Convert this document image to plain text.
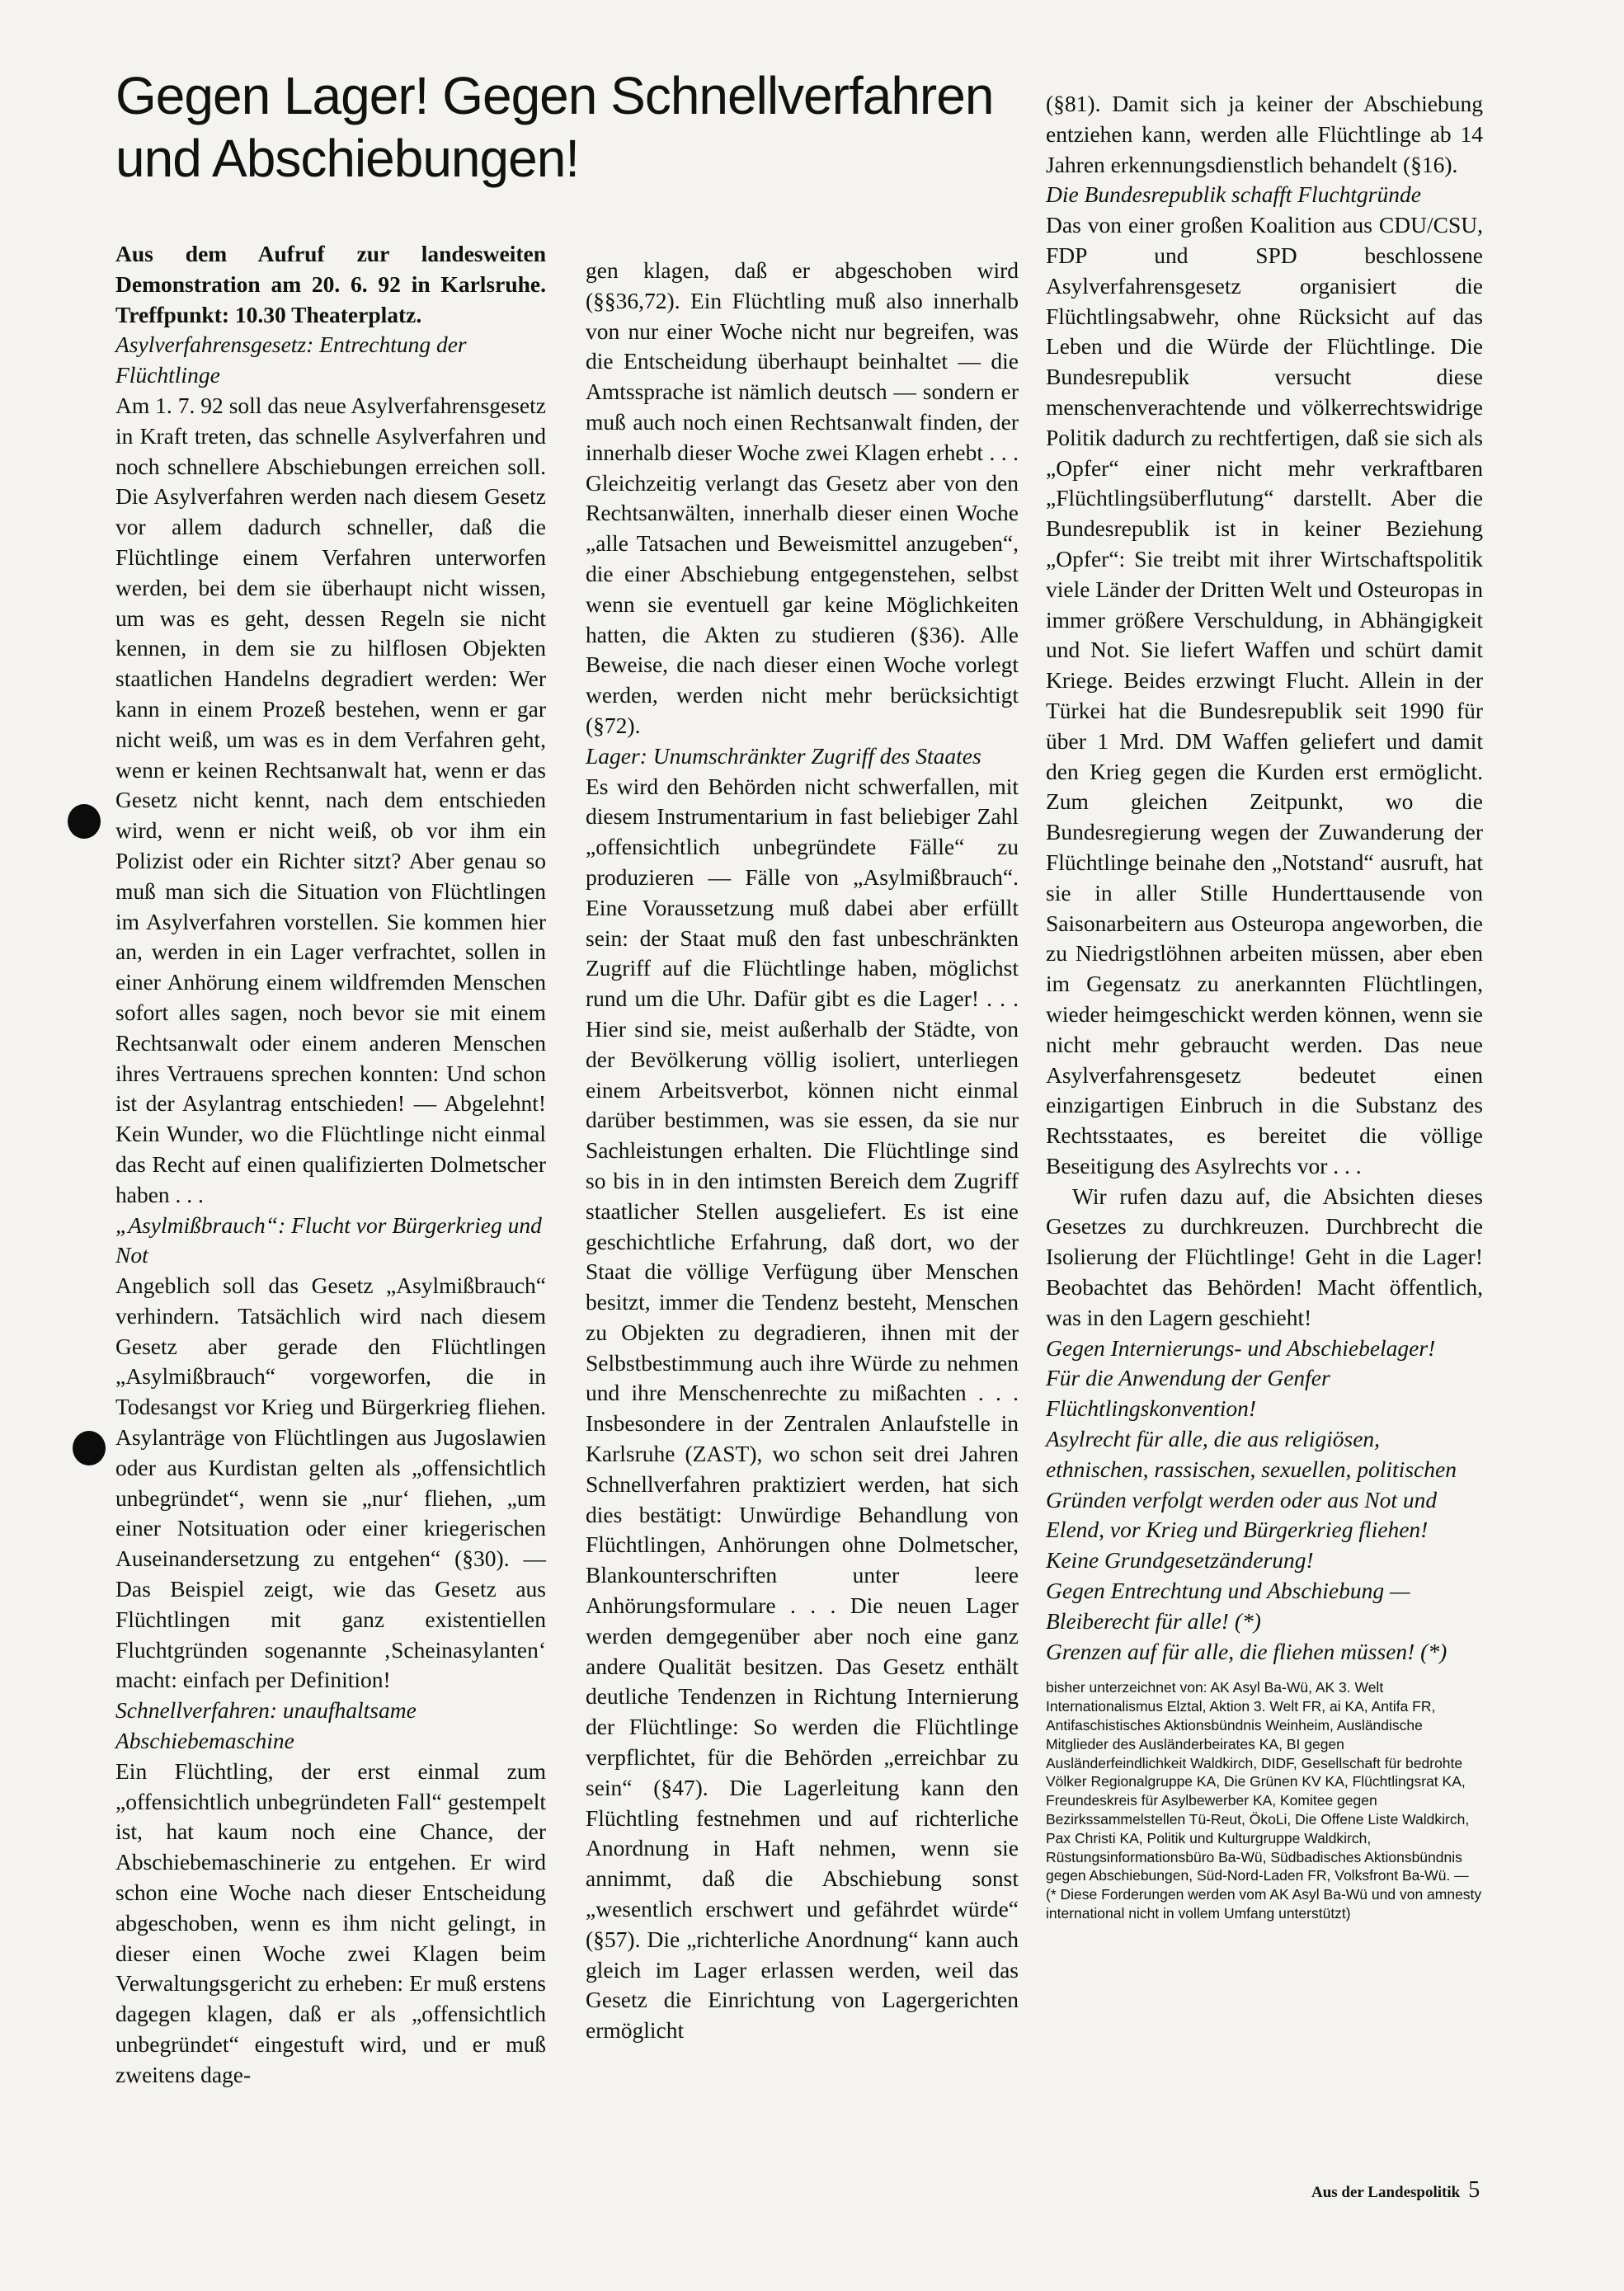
Gegen Lager! Gegen Schnellverfahren und Abschiebungen!

Aus dem Aufruf zur landesweiten Demonstration am 20. 6. 92 in Karlsruhe. Treffpunkt: 10.30 Theaterplatz.

Asylverfahrensgesetz: Entrechtung der Flüchtlinge

Am 1. 7. 92 soll das neue Asylverfahrensgesetz in Kraft treten, das schnelle Asylverfahren und noch schnellere Abschiebungen erreichen soll. Die Asylverfahren werden nach diesem Gesetz vor allem dadurch schneller, daß die Flüchtlinge einem Verfahren unterworfen werden, bei dem sie überhaupt nicht wissen, um was es geht, dessen Regeln sie nicht kennen, in dem sie zu hilflosen Objekten staatlichen Handelns degradiert werden: Wer kann in einem Prozeß bestehen, wenn er gar nicht weiß, um was es in dem Verfahren geht, wenn er keinen Rechtsanwalt hat, wenn er das Gesetz nicht kennt, nach dem entschieden wird, wenn er nicht weiß, ob vor ihm ein Polizist oder ein Richter sitzt? Aber genau so muß man sich die Situation von Flüchtlingen im Asylverfahren vorstellen. Sie kommen hier an, werden in ein Lager verfrachtet, sollen in einer Anhörung einem wildfremden Menschen sofort alles sagen, noch bevor sie mit einem Rechtsanwalt oder einem anderen Menschen ihres Vertrauens sprechen konnten: Und schon ist der Asylantrag entschieden! — Abgelehnt! Kein Wunder, wo die Flüchtlinge nicht einmal das Recht auf einen qualifizierten Dolmetscher haben . . .

„Asylmißbrauch“: Flucht vor Bürgerkrieg und Not

Angeblich soll das Gesetz „Asylmißbrauch“ verhindern. Tatsächlich wird nach diesem Gesetz aber gerade den Flüchtlingen „Asylmißbrauch“ vorgeworfen, die in Todesangst vor Krieg und Bürgerkrieg fliehen. Asylanträge von Flüchtlingen aus Jugoslawien oder aus Kurdistan gelten als „offensichtlich unbegründet“, wenn sie „nur‘ fliehen, „um einer Notsituation oder einer kriegerischen Auseinandersetzung zu entgehen“ (§30). — Das Beispiel zeigt, wie das Gesetz aus Flüchtlingen mit ganz existentiellen Fluchtgründen sogenannte ‚Scheinasylanten‘ macht: einfach per Definition!

Schnellverfahren: unaufhaltsame Abschiebemaschine

Ein Flüchtling, der erst einmal zum „offensichtlich unbegründeten Fall“ gestempelt ist, hat kaum noch eine Chance, der Abschiebemaschinerie zu entgehen. Er wird schon eine Woche nach dieser Entscheidung abgeschoben, wenn es ihm nicht gelingt, in dieser einen Woche zwei Klagen beim Verwaltungsgericht zu erheben: Er muß erstens dagegen klagen, daß er als „offensichtlich unbegründet“ eingestuft wird, und er muß zweitens dage-

gen klagen, daß er abgeschoben wird (§§36,72). Ein Flüchtling muß also innerhalb von nur einer Woche nicht nur begreifen, was die Entscheidung überhaupt beinhaltet — die Amtssprache ist nämlich deutsch — sondern er muß auch noch einen Rechtsanwalt finden, der innerhalb dieser Woche zwei Klagen erhebt . . . Gleichzeitig verlangt das Gesetz aber von den Rechtsanwälten, innerhalb dieser einen Woche „alle Tatsachen und Beweismittel anzugeben“, die einer Abschiebung entgegenstehen, selbst wenn sie eventuell gar keine Möglichkeiten hatten, die Akten zu studieren (§36). Alle Beweise, die nach dieser einen Woche vorlegt werden, werden nicht mehr berücksichtigt (§72).

Lager: Unumschränkter Zugriff des Staates

Es wird den Behörden nicht schwerfallen, mit diesem Instrumentarium in fast beliebiger Zahl „offensichtlich unbegründete Fälle“ zu produzieren — Fälle von „Asylmißbrauch“. Eine Voraussetzung muß dabei aber erfüllt sein: der Staat muß den fast unbeschränkten Zugriff auf die Flüchtlinge haben, möglichst rund um die Uhr. Dafür gibt es die Lager! . . . Hier sind sie, meist außerhalb der Städte, von der Bevölkerung völlig isoliert, unterliegen einem Arbeitsverbot, können nicht einmal darüber bestimmen, was sie essen, da sie nur Sachleistungen erhalten. Die Flüchtlinge sind so bis in in den intimsten Bereich dem Zugriff staatlicher Stellen ausgeliefert. Es ist eine geschichtliche Erfahrung, daß dort, wo der Staat die völlige Verfügung über Menschen besitzt, immer die Tendenz besteht, Menschen zu Objekten zu degradieren, ihnen mit der Selbstbestimmung auch ihre Würde zu nehmen und ihre Menschenrechte zu mißachten . . . Insbesondere in der Zentralen Anlaufstelle in Karlsruhe (ZAST), wo schon seit drei Jahren Schnellverfahren praktiziert werden, hat sich dies bestätigt: Unwürdige Behandlung von Flüchtlingen, Anhörungen ohne Dolmetscher, Blankounterschriften unter leere Anhörungsformulare . . . Die neuen Lager werden demgegenüber aber noch eine ganz andere Qualität besitzen. Das Gesetz enthält deutliche Tendenzen in Richtung Internierung der Flüchtlinge: So werden die Flüchtlinge verpflichtet, für die Behörden „erreichbar zu sein“ (§47). Die Lagerleitung kann den Flüchtling festnehmen und auf richterliche Anordnung in Haft nehmen, wenn sie annimmt, daß die Abschiebung sonst „wesentlich erschwert und gefährdet würde“ (§57). Die „richterliche Anordnung“ kann auch gleich im Lager erlassen werden, weil das Gesetz die Einrichtung von Lagergerichten ermöglicht

(§81). Damit sich ja keiner der Abschiebung entziehen kann, werden alle Flüchtlinge ab 14 Jahren erkennungsdienstlich behandelt (§16).

Die Bundesrepublik schafft Fluchtgründe

Das von einer großen Koalition aus CDU/CSU, FDP und SPD beschlossene Asylverfahrensgesetz organisiert die Flüchtlingsabwehr, ohne Rücksicht auf das Leben und die Würde der Flüchtlinge. Die Bundesrepublik versucht diese menschenverachtende und völkerrechtswidrige Politik dadurch zu rechtfertigen, daß sie sich als „Opfer“ einer nicht mehr verkraftbaren „Flüchtlingsüberflutung“ darstellt. Aber die Bundesrepublik ist in keiner Beziehung „Opfer“: Sie treibt mit ihrer Wirtschaftspolitik viele Länder der Dritten Welt und Osteuropas in immer größere Verschuldung, in Abhängigkeit und Not. Sie liefert Waffen und schürt damit Kriege. Beides erzwingt Flucht. Allein in der Türkei hat die Bundesrepublik seit 1990 für über 1 Mrd. DM Waffen geliefert und damit den Krieg gegen die Kurden erst ermöglicht. Zum gleichen Zeitpunkt, wo die Bundesregierung wegen der Zuwanderung der Flüchtlinge beinahe den „Notstand“ ausruft, hat sie in aller Stille Hunderttausende von Saisonarbeitern aus Osteuropa angeworben, die zu Niedrigstlöhnen arbeiten müssen, aber eben im Gegensatz zu anerkannten Flüchtlingen, wieder heimgeschickt werden können, wenn sie nicht mehr gebraucht werden. Das neue Asylverfahrensgesetz bedeutet einen einzigartigen Einbruch in die Substanz des Rechtsstaates, es bereitet die völlige Beseitigung des Asylrechts vor . . .

Wir rufen dazu auf, die Absichten dieses Gesetzes zu durchkreuzen. Durchbrecht die Isolierung der Flüchtlinge! Geht in die Lager! Beobachtet das Behörden! Macht öffentlich, was in den Lagern geschieht!

Gegen Internierungs- und Abschiebelager!
Für die Anwendung der Genfer Flüchtlingskonvention!
Asylrecht für alle, die aus religiösen, ethnischen, rassischen, sexuellen, politischen Gründen verfolgt werden oder aus Not und Elend, vor Krieg und Bürgerkrieg fliehen!
Keine Grundgesetzänderung!
Gegen Entrechtung und Abschiebung — Bleiberecht für alle! (*)
Grenzen auf für alle, die fliehen müssen! (*)

bisher unterzeichnet von: AK Asyl Ba-Wü, AK 3. Welt Internationalismus Elztal, Aktion 3. Welt FR, ai KA, Antifa FR, Antifaschistisches Aktionsbündnis Weinheim, Ausländische Mitglieder des Ausländerbeirates KA, BI gegen Ausländerfeindlichkeit Waldkirch, DIDF, Gesellschaft für bedrohte Völker Regionalgruppe KA, Die Grünen KV KA, Flüchtlingsrat KA, Freundeskreis für Asylbewerber KA, Komitee gegen Bezirkssammelstellen Tü-Reut, ÖkoLi, Die Offene Liste Waldkirch, Pax Christi KA, Politik und Kulturgruppe Waldkirch, Rüstungsinformationsbüro Ba-Wü, Südbadisches Aktionsbündnis gegen Abschiebungen, Süd-Nord-Laden FR, Volksfront Ba-Wü. — (* Diese Forderungen werden vom AK Asyl Ba-Wü und von amnesty international nicht in vollem Umfang unterstützt)

Aus der Landespolitik 5
